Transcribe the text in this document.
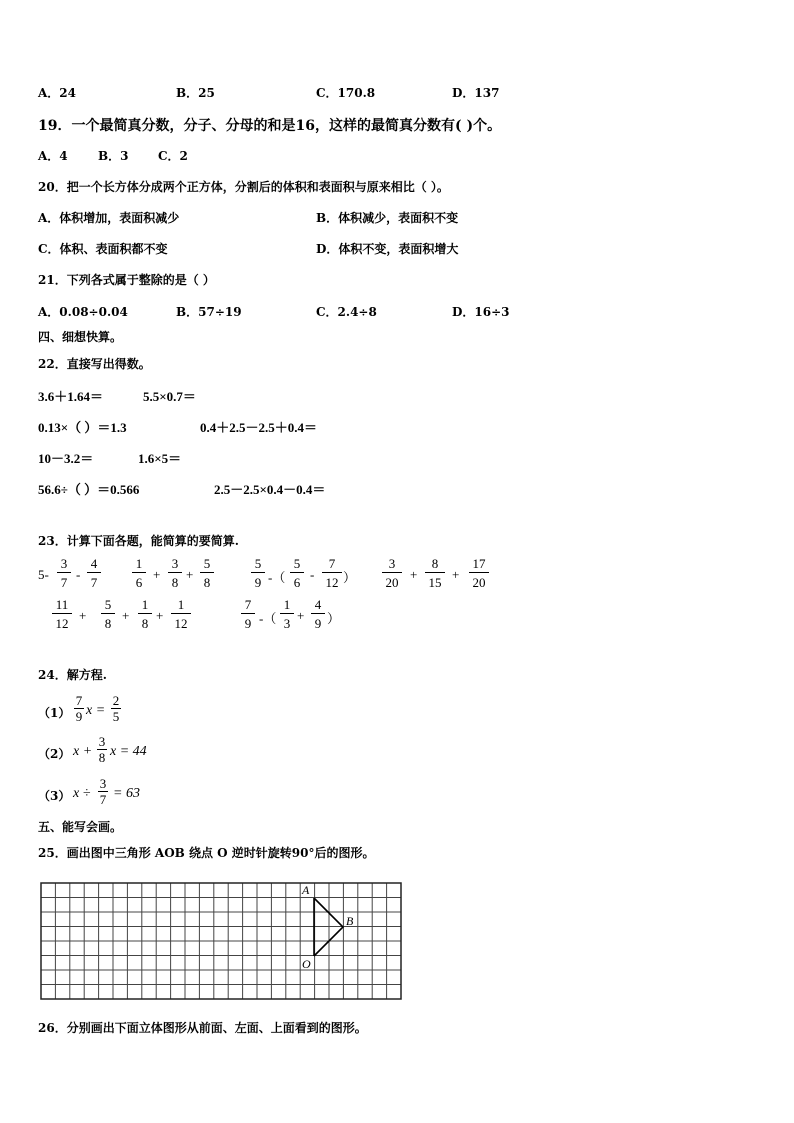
A．24	B．25	C．170.8	D．137
19．一个最简真分数，分子、分母的和是16，这样的最简真分数有( )个。
A．4	B．3 C．2
20．把一个长方体分成两个正方体，分割后的体积和表面积与原来相比（ ）。
A．体积增加，表面积减少	B．体积减少，表面积不变
C．体积、表面积都不变	D．体积不变，表面积增大
21．下列各式属于整除的是（ ）
A．0.08÷0.04	B．57÷19	C．2.4÷8	D．16÷3
四、细想快算。
22．直接写出得数。
3.6＋1.64＝	5.5×0.7＝
0.13×（ ）＝1.3	0.4＋2.5－2.5＋0.4＝
10－3.2＝	1.6×5＝
56.6÷（ ）＝0.566	2.5－2.5×0.4－0.4＝
23．计算下面各题，能简算的要简算.
5-
3
7
-
4
7
1
6
+
3
8
+
5
8
5
9 -（
5
6
-
7
12 ）
3
20
+
8
15
+
17
20
11
12
+
5
8
+
1
8
+
1
12
7
9 -（
1
3
+
4
9 ）
24．解方程.
（1）
7
9 x =
2
5
（2） x +
3
8 x = 44
（3） x ÷
3
7 = 63
五、能写会画。
25．画出图中三角形 AOB 绕点 O 逆时针旋转90°后的图形。
A
B
O
26．分别画出下面立体图形从前面、左面、上面看到的图形。
